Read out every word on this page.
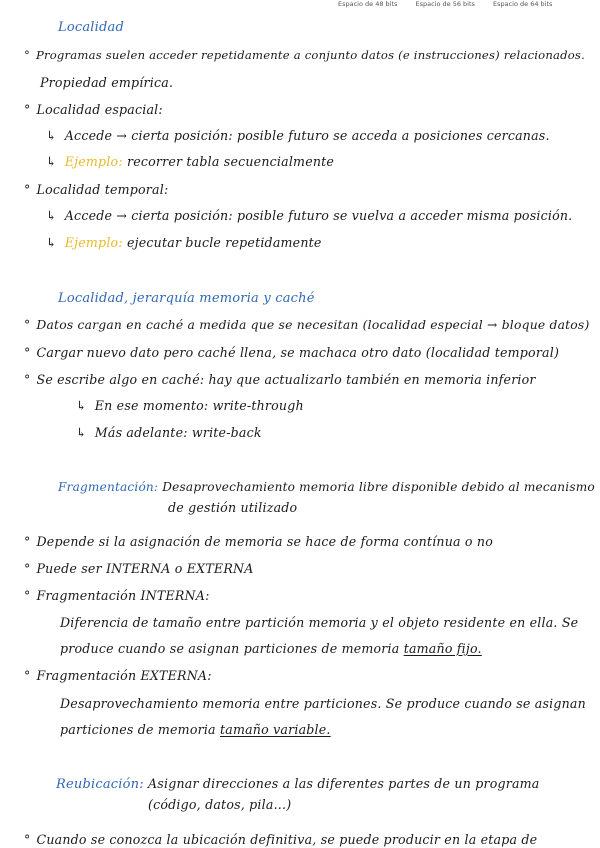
Espacio de 48 bits	Espacio de 56 bits	Espacio de 64 bits
Localidad
° Programas suelen acceder repetidamente a conjunto datos (e instrucciones) relacionados.
Propiedad empírica.
° Localidad espacial:
↳ Accede → cierta posición: posible futuro se acceda a posiciones cercanas.
↳ Ejemplo: recorrer tabla secuencialmente
° Localidad temporal:
↳ Accede → cierta posición: posible futuro se vuelva a acceder misma posición.
↳ Ejemplo: ejecutar bucle repetidamente
Localidad, jerarquía memoria y caché
° Datos cargan en caché a medida que se necesitan (localidad especial → bloque datos)
° Cargar nuevo dato pero caché llena, se machaca otro dato (localidad temporal)
° Se escribe algo en caché: hay que actualizarlo también en memoria inferior
↳ En ese momento: write-through
↳ Más adelante: write-back
Fragmentación: Desaprovechamiento memoria libre disponible debido al mecanismo
de gestión utilizado
° Depende si la asignación de memoria se hace de forma contínua o no
° Puede ser INTERNA o EXTERNA
° Fragmentación INTERNA:
Diferencia de tamaño entre partición memoria y el objeto residente en ella. Se
produce cuando se asignan particiones de memoria tamaño fijo.
° Fragmentación EXTERNA:
Desaprovechamiento memoria entre particiones. Se produce cuando se asignan
particiones de memoria tamaño variable.
Reubicación: Asignar direcciones a las diferentes partes de un programa
(código, datos, pila...)
° Cuando se conozca la ubicación definitiva, se puede producir en la etapa de
